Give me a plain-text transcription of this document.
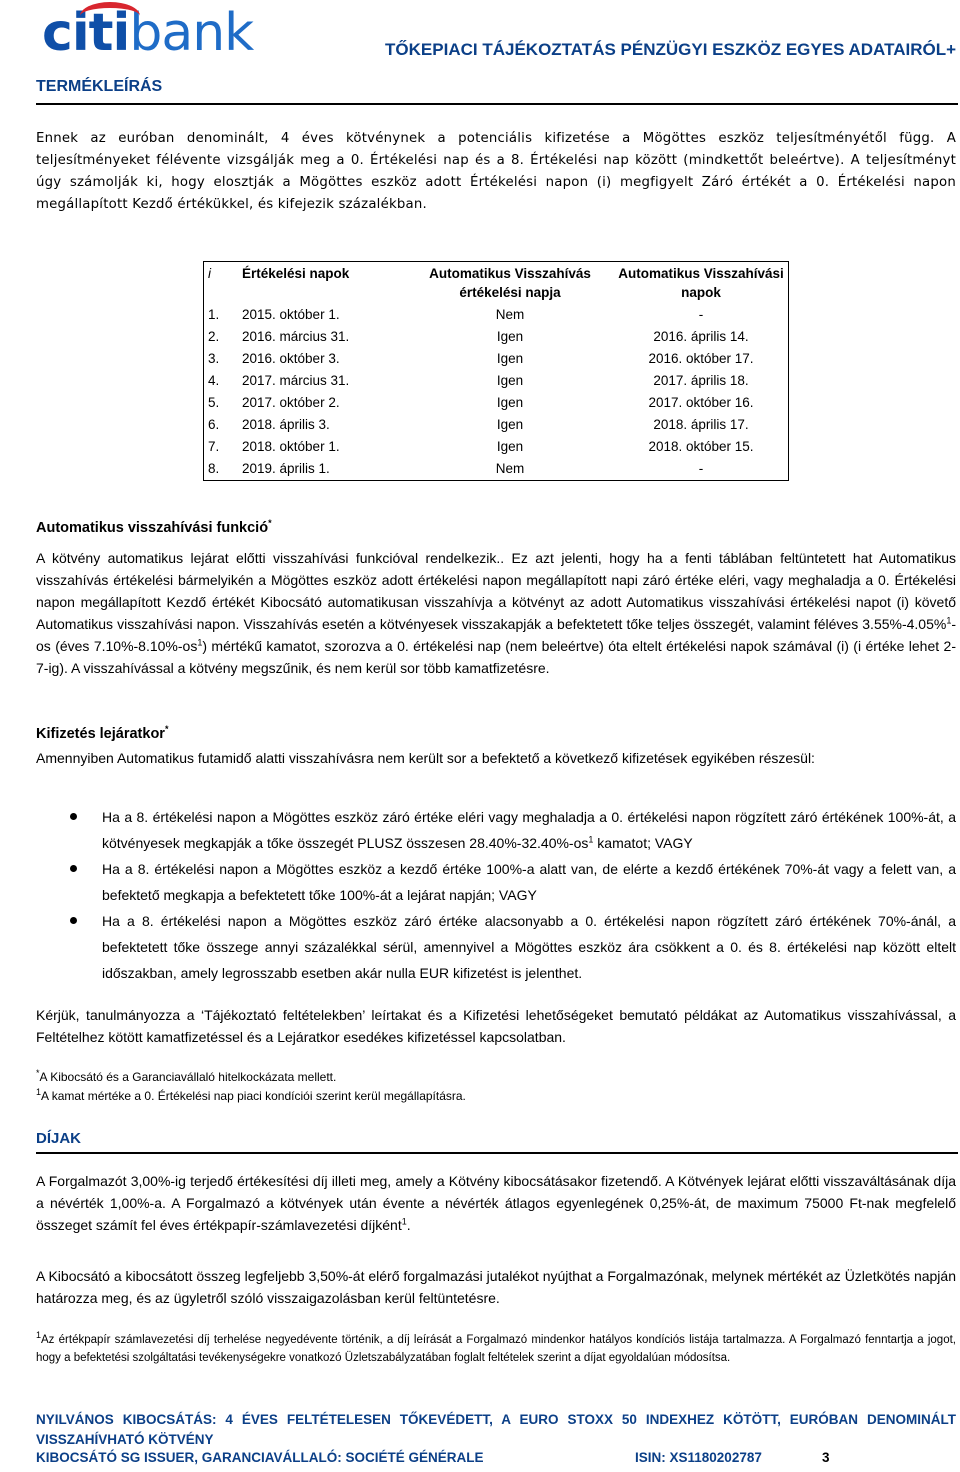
citibank	TŐKEPIACI TÁJÉKOZTATÁS PÉNZÜGYI ESZKÖZ EGYES ADATAIRÓL+
TERMÉKLEÍRÁS
Ennek az euróban denominált, 4 éves kötvénynek a potenciális kifizetése a Mögöttes eszköz teljesítményétől függ. A teljesítményeket félévente vizsgálják meg a 0. Értékelési nap és a 8. Értékelési nap között (mindkettőt beleértve). A teljesítményt úgy számolják ki, hogy elosztják a Mögöttes eszköz adott Értékelési napon (i) megfigyelt Záró értékét a 0. Értékelési napon megállapított Kezdő értékükkel, és kifejezik százalékban.
i	Értékelési napok	Automatikus Visszahívás értékelési napja	Automatikus Visszahívási napok
1.	2015. október 1.	Nem	-
2.	2016. március 31.	Igen	2016. április 14.
3.	2016. október 3.	Igen	2016. október 17.
4.	2017. március 31.	Igen	2017. április 18.
5.	2017. október 2.	Igen	2017. október 16.
6.	2018. április 3.	Igen	2018. április 17.
7.	2018. október 1.	Igen	2018. október 15.
8.	2019. április 1.	Nem	-
Automatikus visszahívási funkció*
A kötvény automatikus lejárat előtti visszahívási funkcióval rendelkezik.. Ez azt jelenti, hogy ha a fenti táblában feltüntetett hat Automatikus visszahívás értékelési bármelyikén a Mögöttes eszköz adott értékelési napon megállapított napi záró értéke eléri, vagy meghaladja a 0. Értékelési napon megállapított Kezdő értékét Kibocsátó automatikusan visszahívja a kötvényt az adott Automatikus visszahívási értékelési napot (i) követő Automatikus visszahívási napon. Visszahívás esetén a kötvényesek visszakapják a befektetett tőke teljes összegét, valamint féléves 3.55%-4.05%$^1$-os (éves $7.10\%-8.10\%-os^1$) mértékű kamatot, szorozva a 0. értékelési nap (nem beleértve) óta eltelt értékelési napok számával (i) (i értéke lehet 2-7-ig). A visszahívással a kötvény megszűnik, és nem kerül sor több kamatfizetésre.
Kifizetés lejáratkor*
Amennyiben Automatikus futamidő alatti visszahívásra nem került sor a befektető a következő kifizetések egyikében részesül:
Ha a 8. értékelési napon a Mögöttes eszköz záró értéke eléri vagy meghaladja a 0. értékelési napon rögzített záró értékének 100%-át, a kötvényesek megkapják a tőke összegét PLUSZ összesen $28.40\%-32.40\%-os^1$ kamatot; VAGY
Ha a 8. értékelési napon a Mögöttes eszköz a kezdő értéke 100%-a alatt van, de elérte a kezdő értékének 70%-át vagy a felett van, a befektető megkapja a befektetett tőke 100%-át a lejárat napján; VAGY
Ha a 8. értékelési napon a Mögöttes eszköz záró értéke alacsonyabb a 0. értékelési napon rögzített záró értékének 70%-ánál, a befektetett tőke összege annyi százalékkal sérül, amennyivel a Mögöttes eszköz ára csökkent a 0. és 8. értékelési nap között eltelt időszakban, amely legrosszabb esetben akár nulla EUR kifizetést is jelenthet.
Kérjük, tanulmányozza a ‘Tájékoztató feltételekben’ leírtakat és a Kifizetési lehetőségeket bemutató példákat az Automatikus visszahívással, a Feltételhez kötött kamatfizetéssel és a Lejáratkor esedékes kifizetéssel kapcsolatban.
*A Kibocsátó és a Garanciavállaló hitelkockázata mellett.
$^1$A kamat mértéke a 0. Értékelési nap piaci kondíciói szerint kerül megállapításra.
DÍJAK
A Forgalmazót 3,00%-ig terjedő értékesítési díj illeti meg, amely a Kötvény kibocsátásakor fizetendő. A Kötvények lejárat előtti visszaváltásának díja a névérték 1,00%-a. A Forgalmazó a kötvények után évente a névérték átlagos egyenlegének 0,25%-át, de maximum 75000 Ft-nak megfelelő összeget számít fel éves értékpapír-számlavezetési díjként$^1$.
A Kibocsátó a kibocsátott összeg legfeljebb 3,50%-át elérő forgalmazási jutalékot nyújthat a Forgalmazónak, melynek mértékét az Üzletkötés napján határozza meg, és az ügyletről szóló visszaigazolásban kerül feltüntetésre.
$^1$Az értékpapír számlavezetési díj terhelése negyedévente történik, a díj leírását a Forgalmazó mindenkor hatályos kondíciós listája tartalmazza. A Forgalmazó fenntartja a jogot, hogy a befektetési szolgáltatási tevékenységekre vonatkozó Üzletszabályzatában foglalt feltételek szerint a díjat egyoldalúan módosítsa.
NYILVÁNOS KIBOCSÁTÁS: 4 ÉVES FELTÉTELESEN TŐKEVÉDETT, A EURO STOXX 50 INDEXHEZ KÖTÖTT, EURÓBAN DENOMINÁLT VISSZAHÍVHATÓ KÖTVÉNY
KIBOCSÁTÓ SG ISSUER, GARANCIAVÁLLALÓ: SOCIÉTÉ GÉNÉRALE	ISIN: XS1180202787	3
